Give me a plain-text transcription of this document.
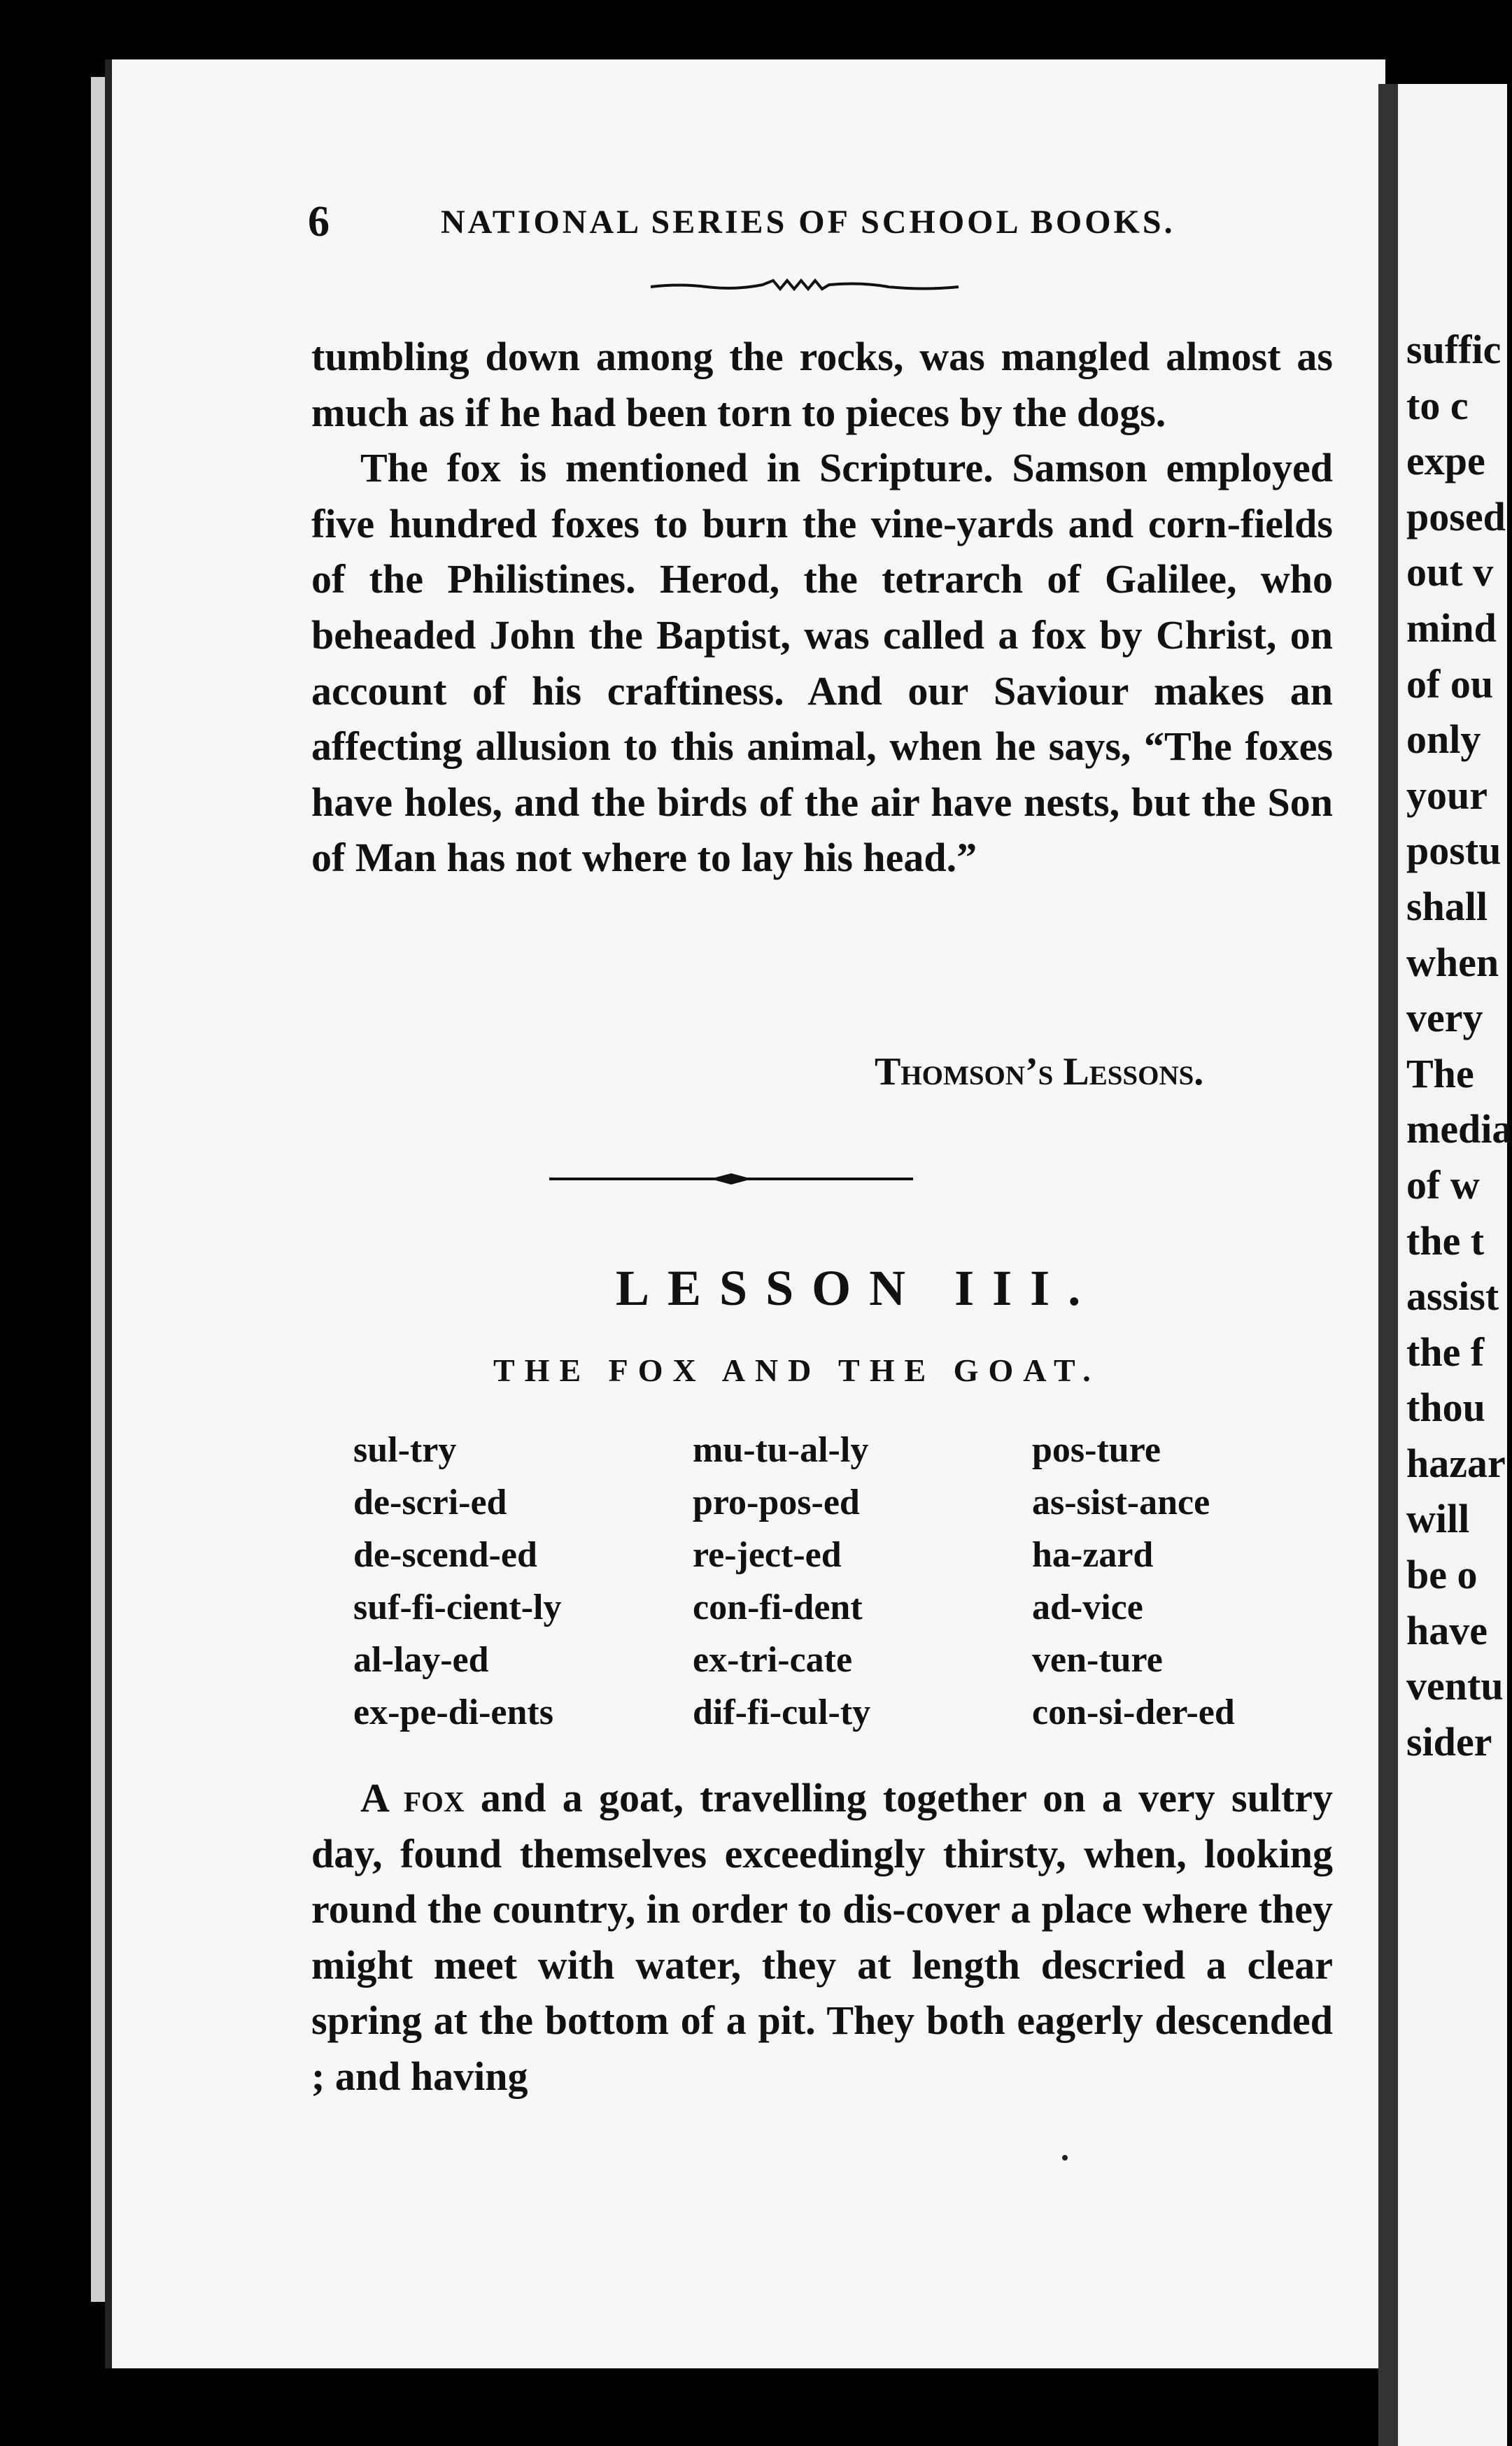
suffic
to c
expe
posed
out v
mind
of ou
only
your
postu
shall
when
very
The
media
of w
the t
assist
the f
thou
hazar
will
be o
have
ventu
sider
6	NATIONAL SERIES OF SCHOOL BOOKS.

tumbling down among the rocks, was mangled almost as much as if he had been torn to pieces by the dogs.

The fox is mentioned in Scripture. Samson employed five hundred foxes to burn the vine-yards and corn-fields of the Philistines. Herod, the tetrarch of Galilee, who beheaded John the Baptist, was called a fox by Christ, on account of his craftiness. And our Saviour makes an affecting allusion to this animal, when he says, “The foxes have holes, and the birds of the air have nests, but the Son of Man has not where to lay his head.”

Thomson’s Lessons.
LESSON III.
THE FOX AND THE GOAT.
sul-try
de-scri-ed
de-scend-ed
suf-fi-cient-ly
al-lay-ed
ex-pe-di-ents
mu-tu-al-ly
pro-pos-ed
re-ject-ed
con-fi-dent
ex-tri-cate
dif-fi-cul-ty
pos-ture
as-sist-ance
ha-zard
ad-vice
ven-ture
con-si-der-ed

A fox and a goat, travelling together on a very sultry day, found themselves exceedingly thirsty, when, looking round the country, in order to dis-cover a place where they might meet with water, they at length descried a clear spring at the bottom of a pit. They both eagerly descended ; and having
